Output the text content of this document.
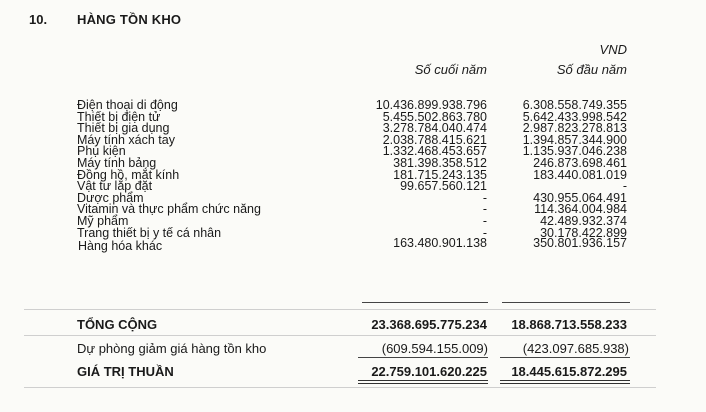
10. HÀNG TỒN KHO
VND
Số cuối năm	Số đầu năm
Điện thoại di động	10.436.899.938.796	6.308.558.749.355
Thiết bị điện tử	5.455.502.863.780	5.642.433.998.542
Thiết bị gia dụng	3.278.784.040.474	2.987.823.278.813
Máy tính xách tay	2.038.788.415.621	1.394.857.344.900
Phụ kiện	1.332.468.453.657	1.135.937.046.238
Máy tính bảng	381.398.358.512	246.873.698.461
Đồng hồ, mắt kính	181.715.243.135	183.440.081.019
Vật tư lắp đặt	99.657.560.121	-
Dược phẩm	-	430.955.064.491
Vitamin và thực phẩm chức năng	-	114.364.004.984
Mỹ phẩm	-	42.489.932.374
Trang thiết bị y tế cá nhân	-	30.178.422.899
Hàng hóa khác	163.480.901.138	350.801.936.157
TỔNG CỘNG	23.368.695.775.234 18.868.713.558.233
Dự phòng giảm giá hàng tồn kho	(609.594.155.009)	(423.097.685.938)
GIÁ TRỊ THUẦN	22.759.101.620.225 18.445.615.872.295
